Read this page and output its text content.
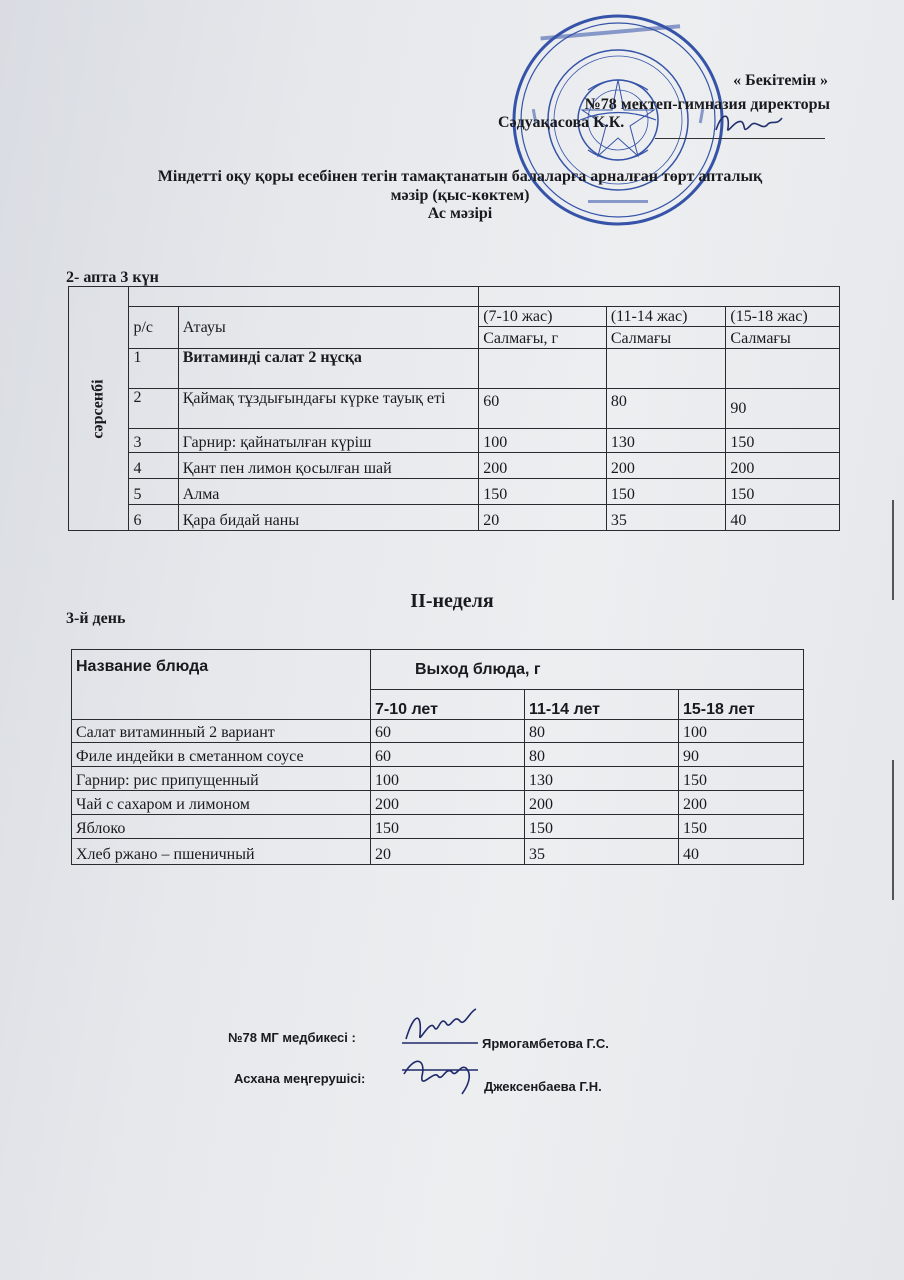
« Бекітемін »
№78 мектеп-гимназия директоры
Сәдуақасова К.К.
Міндетті оқу қоры есебінен тегін тамақтанатын балаларға арналған төрт апталық
мәзір (қыс-көктем)
Ас мәзірі
2- апта 3 күн
сәрсенбі					
	р/с	Атауы	(7-10 жас)	(11-14 жас)	(15-18 жас)
			Салмағы, г	Салмағы	Салмағы
	1	Витаминді салат 2 нұсқа			
	2	Қаймақ тұздығындағы күркe тауық eті	60	80	90
	3	Гарнир: қайнатылған күріш	100	130	150
	4	Қант пен лимон қосылған шай	200	200	200
	5	Алма	150	150	150
	6	Қара бидай наны	20	35	40
II-неделя
3-й день
Название блюда	Выход блюда, г		
	7-10 лет	11-14 лет	15-18 лет
Салат витаминный 2 вариант	60	80	100
Филе индейки в сметанном соусе	60	80	90
Гарнир: рис припущенный	100	130	150
Чай с сахаром и лимоном	200	200	200
Яблоко	150	150	150
Хлеб ржано – пшеничный	20	35	40
№78 МГ медбикесі :	Ярмогамбетова Г.С.
Асхана меңгерушісі:
Джексенбаева Г.Н.
